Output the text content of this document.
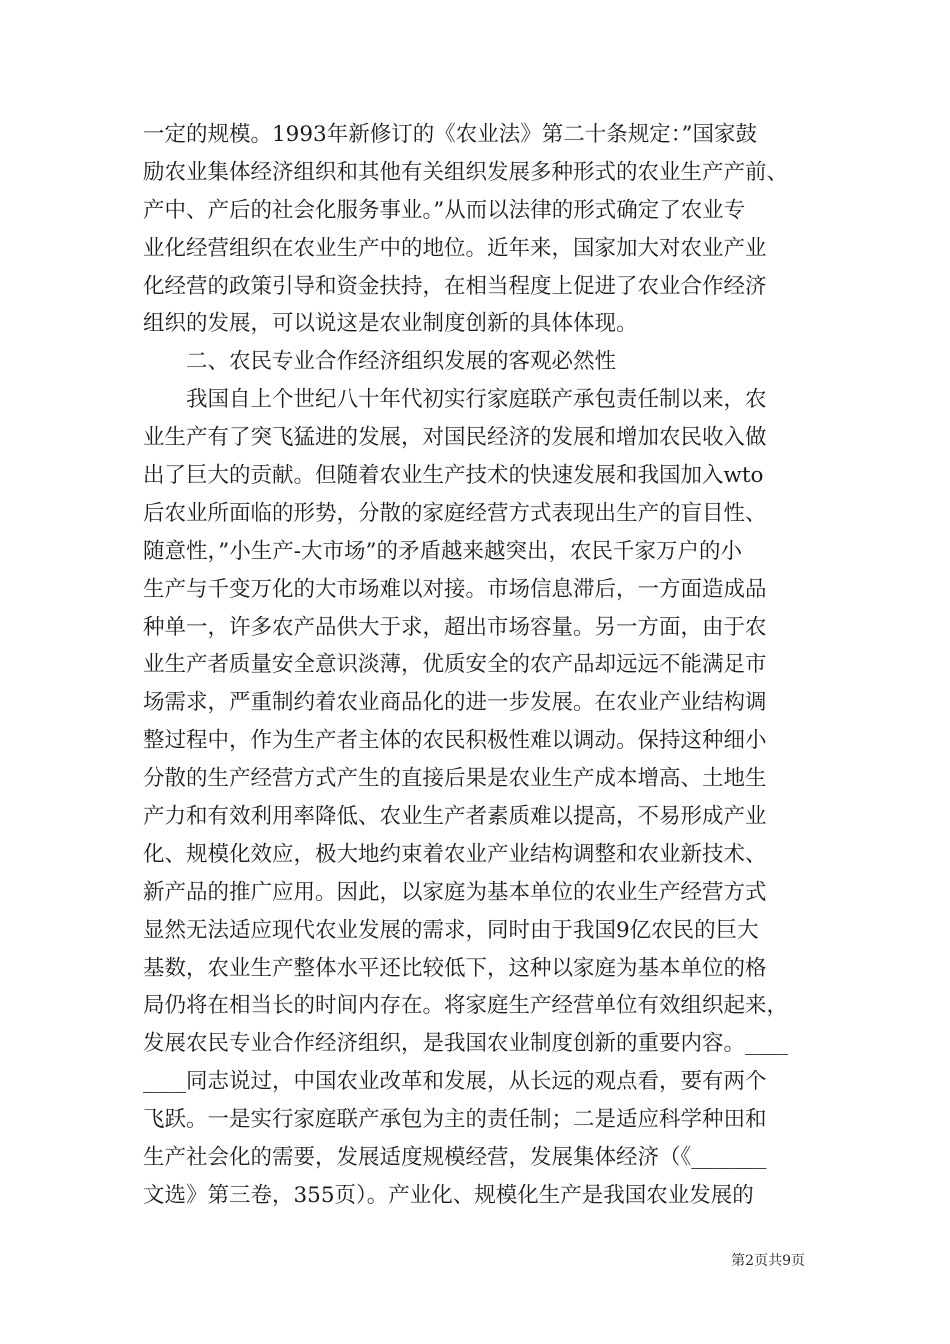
一定的规模。1993年新修订的《农业法》第二十条规定：”国家鼓
励农业集体经济组织和其他有关组织发展多种形式的农业生产产前、
产中、产后的社会化服务事业。”从而以法律的形式确定了农业专
业化经营组织在农业生产中的地位。近年来，国家加大对农业产业
化经营的政策引导和资金扶持，在相当程度上促进了农业合作经济
组织的发展，可以说这是农业制度创新的具体体现。
二、农民专业合作经济组织发展的客观必然性
我国自上个世纪八十年代初实行家庭联产承包责任制以来，农
业生产有了突飞猛进的发展，对国民经济的发展和增加农民收入做
出了巨大的贡献。但随着农业生产技术的快速发展和我国加入wto
后农业所面临的形势，分散的家庭经营方式表现出生产的盲目性、
随意性，”小生产-大市场”的矛盾越来越突出，农民千家万户的小
生产与千变万化的大市场难以对接。市场信息滞后，一方面造成品
种单一，许多农产品供大于求，超出市场容量。另一方面，由于农
业生产者质量安全意识淡薄，优质安全的农产品却远远不能满足市
场需求，严重制约着农业商品化的进一步发展。在农业产业结构调
整过程中，作为生产者主体的农民积极性难以调动。保持这种细小
分散的生产经营方式产生的直接后果是农业生产成本增高、土地生
产力和有效利用率降低、农业生产者素质难以提高，不易形成产业
化、规模化效应，极大地约束着农业产业结构调整和农业新技术、
新产品的推广应用。因此，以家庭为基本单位的农业生产经营方式
显然无法适应现代农业发展的需求，同时由于我国9亿农民的巨大
基数，农业生产整体水平还比较低下，这种以家庭为基本单位的格
局仍将在相当长的时间内存在。将家庭生产经营单位有效组织起来，
发展农民专业合作经济组织，是我国农业制度创新的重要内容。____
____同志说过，中国农业改革和发展，从长远的观点看，要有两个
飞跃。一是实行家庭联产承包为主的责任制；二是适应科学种田和
生产社会化的需要，发展适度规模经营，发展集体经济（《_______
文选》第三卷，355页）。产业化、规模化生产是我国农业发展的
第2页共9页
